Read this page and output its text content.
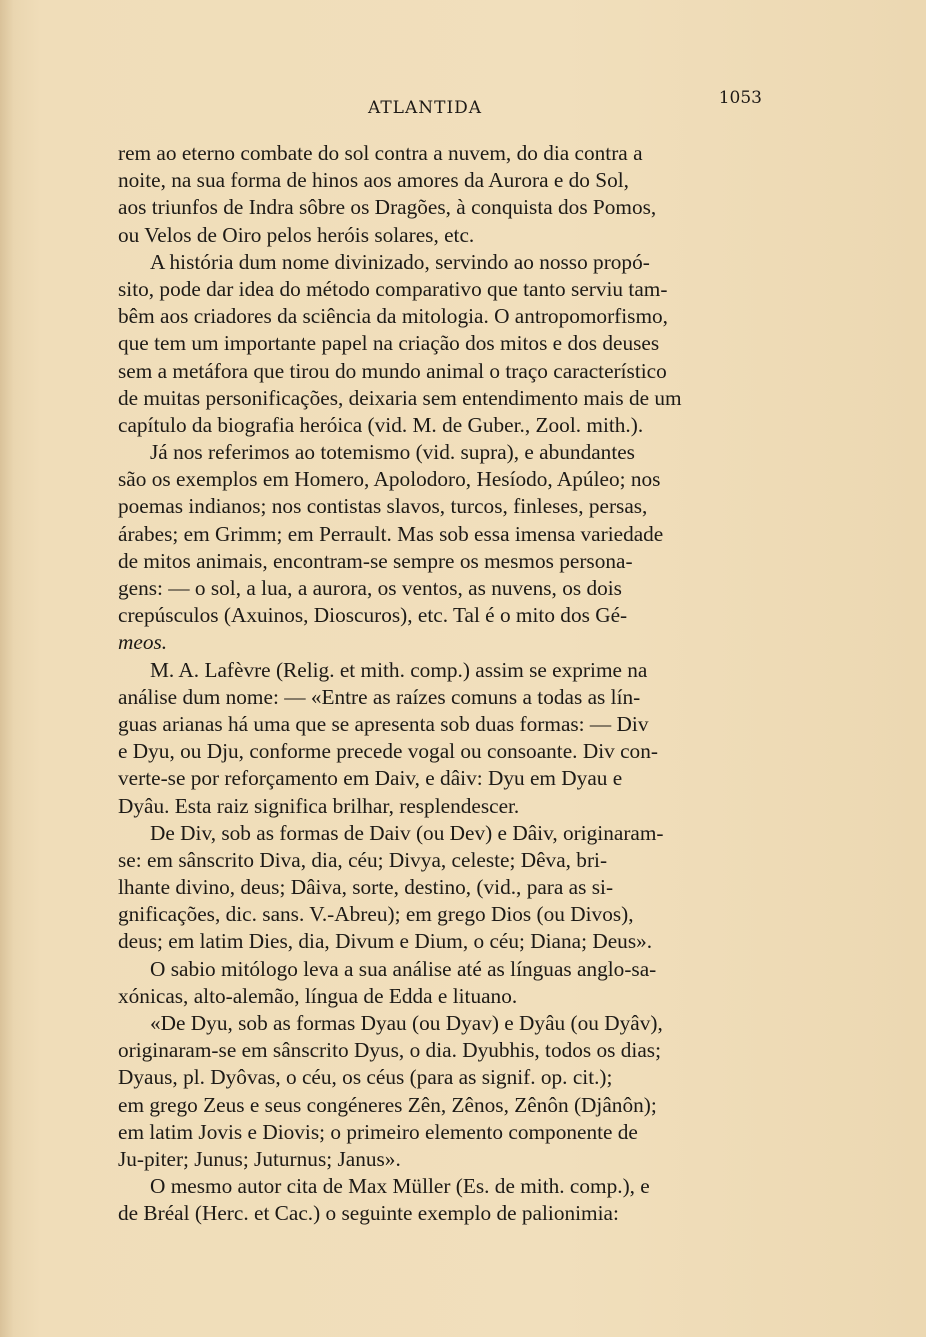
ATLANTIDA	1053
rem ao eterno combate do sol contra a nuvem, do dia contra a
noite, na sua forma de hinos aos amores da Aurora e do Sol,
aos triunfos de Indra sôbre os Dragões, à conquista dos Pomos,
ou Velos de Oiro pelos heróis solares, etc.
A história dum nome divinizado, servindo ao nosso propó-
sito, pode dar idea do método comparativo que tanto serviu tam-
bêm aos criadores da sciência da mitologia. O antropomorfismo,
que tem um importante papel na criação dos mitos e dos deuses
sem a metáfora que tirou do mundo animal o traço característico
de muitas personificações, deixaria sem entendimento mais de um
capítulo da biografia heróica (vid. M. de Guber., Zool. mith.).
Já nos referimos ao totemismo (vid. supra), e abundantes
são os exemplos em Homero, Apolodoro, Hesíodo, Apúleo; nos
poemas indianos; nos contistas slavos, turcos, finleses, persas,
árabes; em Grimm; em Perrault. Mas sob essa imensa variedade
de mitos animais, encontram-se sempre os mesmos persona-
gens: — o sol, a lua, a aurora, os ventos, as nuvens, os dois
crepúsculos (Axuinos, Dioscuros), etc. Tal é o mito dos Gé-
meos.
M. A. Lafèvre (Relig. et mith. comp.) assim se exprime na
análise dum nome: — «Entre as raízes comuns a todas as lín-
guas arianas há uma que se apresenta sob duas formas: — Div
e Dyu, ou Dju, conforme precede vogal ou consoante. Div con-
verte-se por reforçamento em Daiv, e dâiv: Dyu em Dyau e
Dyâu. Esta raiz significa brilhar, resplendescer.
De Div, sob as formas de Daiv (ou Dev) e Dâiv, originaram-
se: em sânscrito Diva, dia, céu; Divya, celeste; Dêva, bri-
lhante divino, deus; Dâiva, sorte, destino, (vid., para as si-
gnificações, dic. sans. V.-Abreu); em grego Dios (ou Divos),
deus; em latim Dies, dia, Divum e Dium, o céu; Diana; Deus».
O sabio mitólogo leva a sua análise até as línguas anglo-sa-
xónicas, alto-alemão, língua de Edda e lituano.
«De Dyu, sob as formas Dyau (ou Dyav) e Dyâu (ou Dyâv),
originaram-se em sânscrito Dyus, o dia. Dyubhis, todos os dias;
Dyaus, pl. Dyôvas, o céu, os céus (para as signif. op. cit.);
em grego Zeus e seus congéneres Zên, Zênos, Zênôn (Djânôn);
em latim Jovis e Diovis; o primeiro elemento componente de
Ju-piter; Junus; Juturnus; Janus».
O mesmo autor cita de Max Müller (Es. de mith. comp.), e
de Bréal (Herc. et Cac.) o seguinte exemplo de palionimia:
